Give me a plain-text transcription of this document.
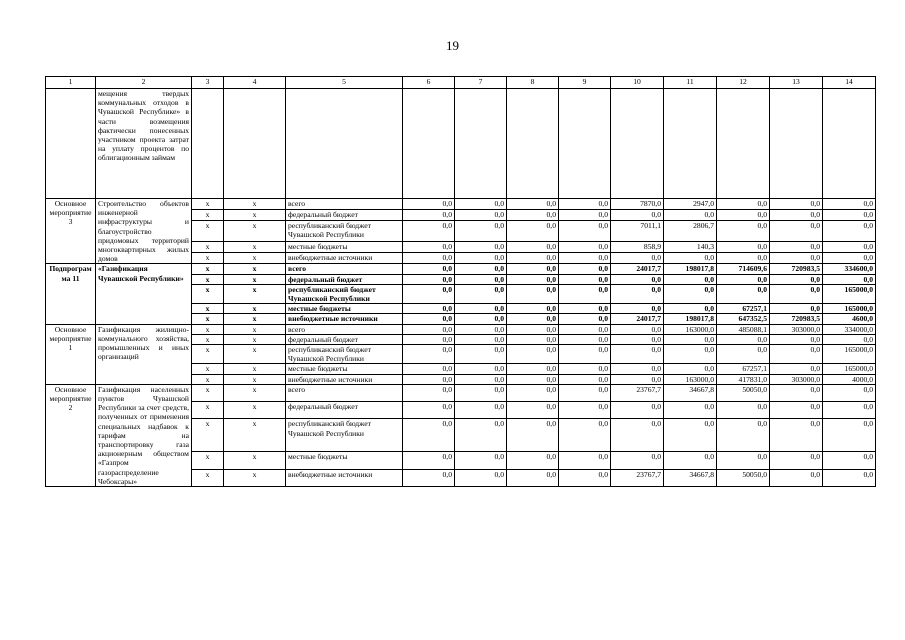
19
1	2	3	4	5	6	7	8	9	10	11	12	13	14
	мещения твердых коммунальных отходов в Чувашской Республике» в части возмещения фактически понесенных участником проекта затрат на уплату процентов по облигационным займам												
Основное мероприятие 3	Строительство объектов инженерной инфраструктуры и благоустройство придомовых территорий многоквартирных жилых домов	x	x	всего	0,0	0,0	0,0	0,0	7870,0	2947,0	0,0	0,0	0,0
		x	x	федеральный бюджет	0,0	0,0	0,0	0,0	0,0	0,0	0,0	0,0	0,0
		x	x	республиканский бюджет Чувашской Республики	0,0	0,0	0,0	0,0	7011,1	2806,7	0,0	0,0	0,0
		x	x	местные бюджеты	0,0	0,0	0,0	0,0	858,9	140,3	0,0	0,0	0,0
		x	x	внебюджетные источники	0,0	0,0	0,0	0,0	0,0	0,0	0,0	0,0	0,0
Подпрограмма 11	«Газификация Чувашской Республики»	x	x	всего	0,0	0,0	0,0	0,0	24017,7	198017,8	714609,6	720983,5	334600,0
		x	x	федеральный бюджет	0,0	0,0	0,0	0,0	0,0	0,0	0,0	0,0	0,0
		x	x	республиканский бюджет Чувашской Республики	0,0	0,0	0,0	0,0	0,0	0,0	0,0	0,0	165000,0
		x	x	местные бюджеты	0,0	0,0	0,0	0,0	0,0	0,0	67257,1	0,0	165000,0
		x	x	внебюджетные источники	0,0	0,0	0,0	0,0	24017,7	198017,8	647352,5	720983,5	4600,0
Основное мероприятие 1	Газификация жилищно-коммунального хозяйства, промышленных и иных организаций	x	x	всего	0,0	0,0	0,0	0,0	0,0	163000,0	485088,1	303000,0	334000,0
		x	x	федеральный бюджет	0,0	0,0	0,0	0,0	0,0	0,0	0,0	0,0	0,0
		x	x	республиканский бюджет Чувашской Республики	0,0	0,0	0,0	0,0	0,0	0,0	0,0	0,0	165000,0
		x	x	местные бюджеты	0,0	0,0	0,0	0,0	0,0	0,0	67257,1	0,0	165000,0
		x	x	внебюджетные источники	0,0	0,0	0,0	0,0	0,0	163000,0	417831,0	303000,0	4000,0
Основное мероприятие 2	Газификация населенных пунктов Чувашской Республики за счет средств, полученных от применения специальных надбавок к тарифам на транспортировку газа акционерным обществом «Газпром газораспределение Чебоксары»	x	x	всего	0,0	0,0	0,0	0,0	23767,7	34667,8	50050,0	0,0	0,0
		x	x	федеральный бюджет	0,0	0,0	0,0	0,0	0,0	0,0	0,0	0,0	0,0
		x	x	республиканский бюджет Чувашской Республики	0,0	0,0	0,0	0,0	0,0	0,0	0,0	0,0	0,0
		x	x	местные бюджеты	0,0	0,0	0,0	0,0	0,0	0,0	0,0	0,0	0,0
		x	x	внебюджетные источники	0,0	0,0	0,0	0,0	23767,7	34667,8	50050,0	0,0	0,0
